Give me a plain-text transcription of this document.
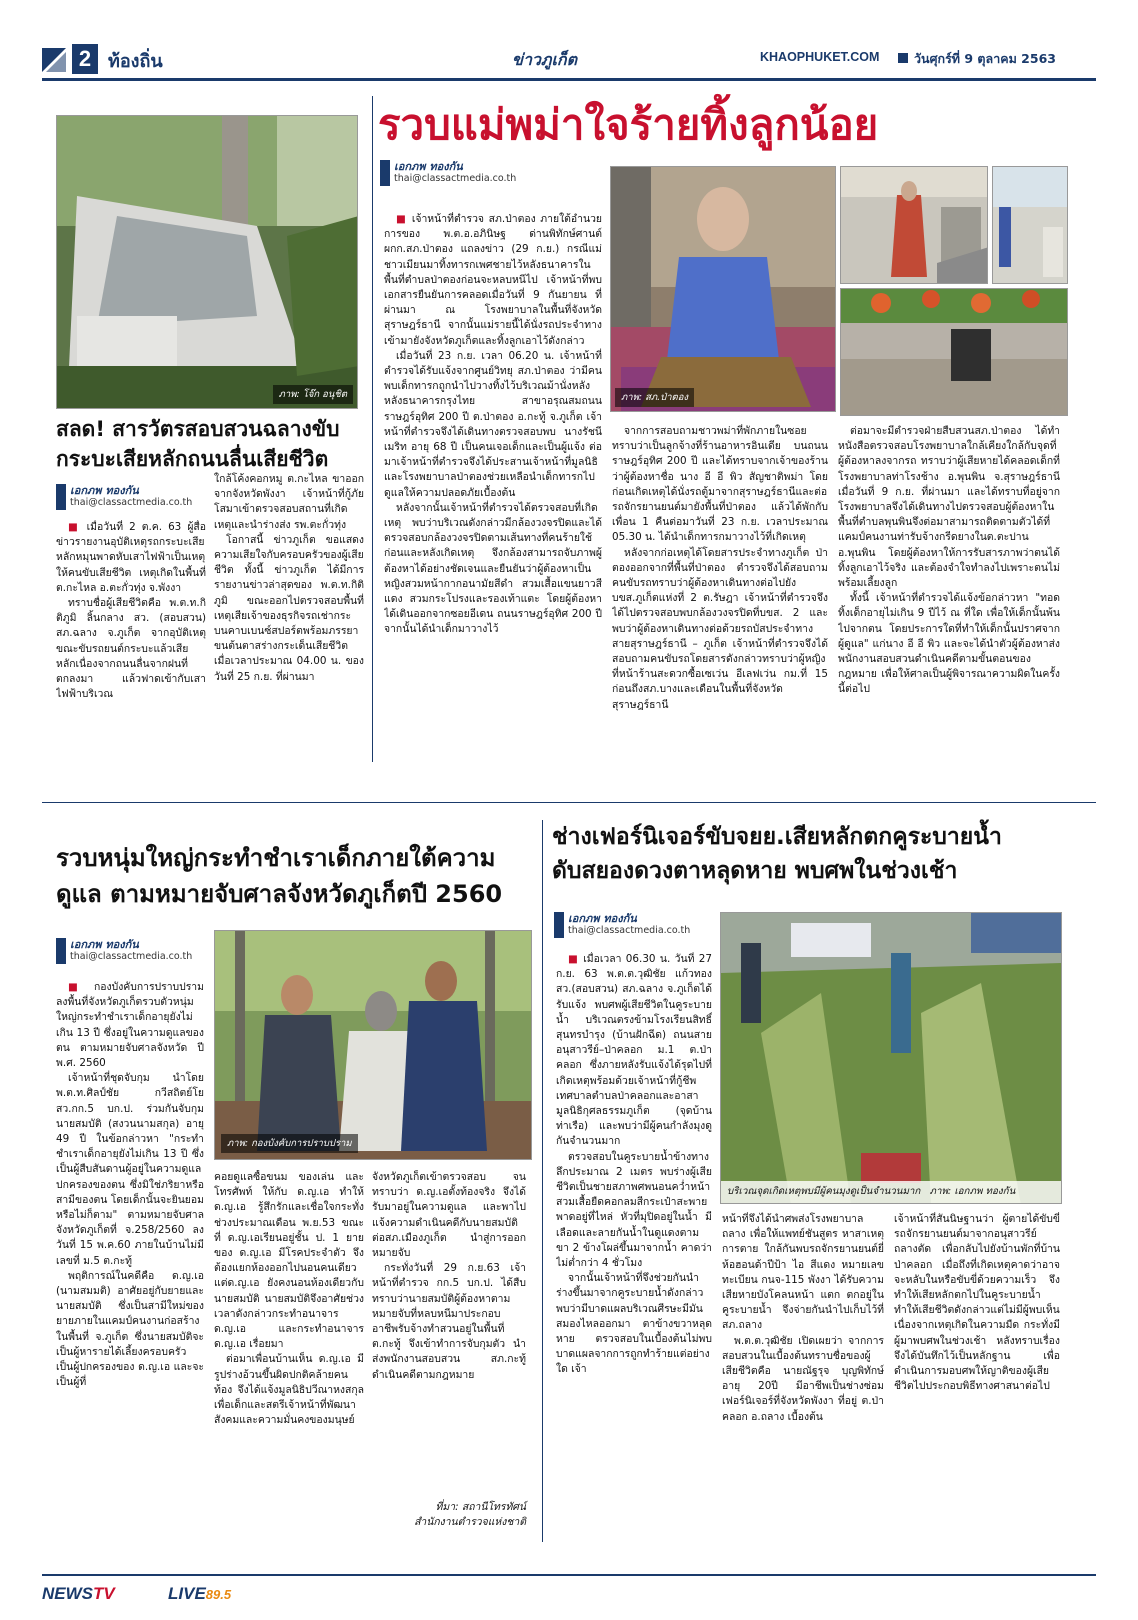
2 ท้องถิ่น	ข่าวภูเก็ต	KHAOPHUKET.COM	วันศุกร์ที่ 9 ตุลาคม 2563
ภาพ: โจ๊ก อนุชิต
สลด! สารวัตรสอบสวนฉลางขับ
กระบะเสียหลักถนนลื่นเสียชีวิต
เอกภพ ทองกัน
thai@classactmedia.co.th

■ เมื่อวันที่ 2 ต.ค. 63 ผู้สื่อข่าวรายงานอุบัติเหตุรถกระบะเสียหลักหมุนพาดหับเสาไฟฟ้าเป็นเหตุให้คนขับเสียชีวิต เหตุเกิดในพื้นที่ ต.กะไหล อ.ตะกั่วทุ่ง จ.พังงา

ทราบชื่อผู้เสียชีวิตคือ พ.ต.ท.กิติภูมิ ลิ้นกลาง สว. (สอบสวน) สภ.ฉลาง จ.ภูเก็ต จากอุบัติเหตุ ขณะขับรถยนต์กระบะแล้วเสียหลักเนื่องจากถนนลื่นจากฝนที่ตกลงมา แล้วฟาดเข้ากับเสาไฟฟ้าบริเวณ

ใกล้โค้งคอกหมู ต.กะไหล ขาออกจากจังหวัดพังงา เจ้าหน้าที่กู้ภัยโสมาเข้าตรวจสอบสถานที่เกิดเหตุและนำร่างส่ง รพ.ตะกั่วทุ่ง

โอกาสนี้ ข่าวภูเก็ต ขอแสดงความเสียใจกับครอบครัวของผู้เสียชีวิต ทั้งนี้ ข่าวภูเก็ต ได้มีการรายงานข่าวล่าสุดของ พ.ต.ท.กิติภูมิ ขณะออกไปตรวจสอบพื้นที่เหตุเสียเจ้าของธุรกิจรถเช่ากระบนคาบเบนซ์สปอร์ตพร้อมภรรยาขนต้นตาสร่างกระเด็นเสียชีวิต เมื่อเวลาประมาณ 04.00 น. ของวันที่ 25 ก.ย. ที่ผ่านมา

รวบแม่พม่าใจร้ายทิ้งลูกน้อย
เอกภพ ทองกัน
thai@classactmedia.co.th

■ เจ้าหน้าที่ตำรวจ สภ.ป่าตอง ภายใต้อำนวยการของ พ.ต.อ.อภินิษฐ ด่านพิทักษ์ศานต์ ผกก.สภ.ป่าตอง แถลงข่าว (29 ก.ย.) กรณีแม่ชาวเมียนมาทิ้งทารกเพศชายไว้หลังธนาคารในพื้นที่ตำบลป่าตองก่อนจะหลบหนีไป เจ้าหน้าที่พบเอกสารยืนยันการคลอดเมื่อวันที่ 9 กันยายน ที่ผ่านมา ณ โรงพยาบาลในพื้นที่จังหวัดสุราษฎร์ธานี จากนั้นแม่รายนี้ได้นั่งรถประจำทางเข้ามายังจังหวัดภูเก็ตและทิ้งลูกเอาไว้ดังกล่าว

เมื่อวันที่ 23 ก.ย. เวลา 06.20 น. เจ้าหน้าที่ตำรวจได้รับแจ้งจากศูนย์วิทยุ สภ.ป่าตอง ว่ามีคนพบเด็กทารกถูกนำไปวางทิ้งไว้บริเวณม้านั่งหลังหลังธนาคารกรุงไทย สาขาอรุณสมถนนราษฎร์อุทิศ 200 ปี ต.ป่าตอง อ.กะทู้ จ.ภูเก็ต เจ้าหน้าที่ตำรวจจึงได้เดินทางตรวจสอบพบ นางรัชนี เมริท อายุ 68 ปี เป็นคนเจอเด็กและเป็นผู้แจ้ง ต่อมาเจ้าหน้าที่ตำรวจจึงได้ประสานเจ้าหน้าที่มูลนิธิและโรงพยาบาลป่าตองช่วยเหลือนำเด็กทารกไปดูแลให้ความปลอดภัยเบื้องต้น

หลังจากนั้นเจ้าหน้าที่ตำรวจได้ตรวจสอบที่เกิดเหตุ พบว่าบริเวณดังกล่าวมีกล้องวงจรปิดและได้ตรวจสอบกล้องวงจรปิดตามเส้นทางที่คนร้ายใช้ก่อนและหลังเกิดเหตุ จึงกล้องสามารถจับภาพผู้ต้องหาได้อย่างชัดเจนและยืนยันว่าผู้ต้องหาเป็นหญิงสวมหน้ากากอนามัยสีดำ สวมเสื้อแขนยาวสีแดง สวมกระโปรงและรองเท้าแตะ โดยผู้ต้องหาได้เดินออกจากซอยอีเดน ถนนราษฎร์อุทิศ 200 ปี จากนั้นได้นำเด็กมาวางไว้

ภาพ: สภ.ป่าตอง

จากการสอบถามชาวพม่าที่พักภายในซอยทราบว่าเป็นลูกจ้างที่ร้านอาหารอินเดีย บนถนนราษฎร์อุทิศ 200 ปี และได้ทราบจากเจ้าของร้านว่าผู้ต้องหาชื่อ นาง อี อี พิว สัญชาติพม่า โดยก่อนเกิดเหตุได้นั่งรถตู้มาจากสุราษฎร์ธานีและต่อรถจักรยานยนต์มายังพื้นที่ป่าตอง แล้วได้พักกับเพื่อน 1 คืนต่อมาวันที่ 23 ก.ย. เวลาประมาณ 05.30 น. ได้นำเด็กทารกมาวางไว้ที่เกิดเหตุ

หลังจากก่อเหตุได้โดยสารประจำทางภูเก็ต ป่าตองออกจากที่พื้นที่ป่าตอง ตำรวจจึงได้สอบถามคนขับรถทราบว่าผู้ต้องหาเดินทางต่อไปยัง บขส.ภูเก็ตแห่งที่ 2 ต.รัษฎา เจ้าหน้าที่ตำรวจจึงได้ไปตรวจสอบพบกล้องวงจรปิดที่บขส. 2 และพบว่าผู้ต้องหาเดินทางต่อด้วยรถบัสประจำทางสายสุราษฎร์ธานี – ภูเก็ต เจ้าหน้าที่ตำรวจจึงได้สอบถามคนขับรถโดยสารดังกล่าวทราบว่าผู้หญิงที่หน้าร้านสะดวกซื้อเซเว่น อีเลฟเว่น กม.ที่ 15 ก่อนถึงสภ.บางและเดือนในพื้นที่จังหวัดสุราษฎร์ธานี

ต่อมาจะมีตำรวจฝ่ายสืบสวนสภ.ป่าตอง ได้ทำหนังสือตรวจสอบโรงพยาบาลใกล้เคียงใกล้กับจุดที่ผู้ต้องหาลงจากรถ ทราบว่าผู้เสียหายได้คลอดเด็กที่โรงพยาบาลท่าโรงช้าง อ.พุนพิน จ.สุราษฎร์ธานี เมื่อวันที่ 9 ก.ย. ที่ผ่านมา และได้ทราบที่อยู่จากโรงพยาบาลจึงได้เดินทางไปตรวจสอบผู้ต้องหาในพื้นที่ตำบลพุนพินจึงต่อมาสามารถติดตามตัวได้ที่แคมป์คนงานท่ารับจ้างกรีดยางในต.ตะปาน อ.พุนพิน โดยผู้ต้องหาให้การรับสารภาพว่าตนได้ทิ้งลูกเอาไว้จริง และต้องจำใจทำลงไปเพราะตนไม่พร้อมเลี้ยงลูก

ทั้งนี้ เจ้าหน้าที่ตำรวจได้แจ้งข้อกล่าวหา "ทอดทิ้งเด็กอายุไม่เกิน 9 ปีไว้ ณ ที่ใด เพื่อให้เด็กนั้นพ้นไปจากตน โดยประการใดที่ทำให้เด็กนั้นปราศจากผู้ดูแล" แก่นาง อี อี พิว และจะได้นำตัวผู้ต้องหาส่งพนักงานสอบสวนดำเนินคดีตามขั้นตอนของกฎหมาย เพื่อให้ศาลเป็นผู้พิจารณาความผิดในครั้งนี้ต่อไป

รวบหนุ่มใหญ่กระทำชำเราเด็กภายใต้ความ
ดูแล ตามหมายจับศาลจังหวัดภูเก็ตปี 2560
เอกภพ ทองกัน
thai@classactmedia.co.th

■ กองบังคับการปราบปรามลงพื้นที่จังหวัดภูเก็ตรวบตัวหนุ่มใหญ่กระทำชำเราเด็กอายุยังไม่เกิน 13 ปี ซึ่งอยู่ในความดูแลของตน ตามหมายจับศาลจังหวัด ปี พ.ศ. 2560

เจ้าหน้าที่ชุดจับกุม นำโดย พ.ต.ท.ศิลป์ชัย กวีสถิตย์โย สว.กก.5 บก.ป. ร่วมกันจับกุม นายสมบัติ (สงวนนามสกุล) อายุ 49 ปี ในข้อกล่าวหา "กระทำชำเราเด็กอายุยังไม่เกิน 13 ปี ซึ่งเป็นผู้สืบสันดานผู้อยู่ในความดูแลปกครองของตน ซึ่งมิใช่ภริยาหรือสามีของตน โดยเด็กนั้นจะยินยอมหรือไม่ก็ตาม" ตามหมายจับศาลจังหวัดภูเก็ตที่ จ.258/2560 ลงวันที่ 15 พ.ค.60 ภายในบ้านไม่มีเลขที่ ม.5 ต.กะทู้

พฤติการณ์ในคดีคือ ด.ญ.เอ (นามสมมติ) อาศัยอยู่กับยายและนายสมบัติ ซึ่งเป็นสามีใหม่ของยายภายในแคมป์คนงานก่อสร้างในพื้นที่ จ.ภูเก็ต ซึ่งนายสมบัติจะเป็นผู้หารายได้เลี้ยงครอบครัว เป็นผู้ปกครองของ ด.ญ.เอ และจะเป็นผู้ที่

ภาพ: กองบังคับการปราบปราม

คอยดูแลซื้อขนม ของเล่น และโทรศัพท์ ให้กับ ด.ญ.เอ ทำให้ ด.ญ.เอ รู้สึกรักและเชื่อใจกระทั่งช่วงประมาณเดือน พ.ย.53 ขณะที่ ด.ญ.เอเรียนอยู่ชั้น ป. 1 ยายของ ด.ญ.เอ มีโรคประจำตัว จึงต้องแยกห้องออกไปนอนคนเดียว แต่ด.ญ.เอ ยังคงนอนห้องเดียวกับนายสมบัติ นายสมบัติจึงอาศัยช่วงเวลาดังกล่าวกระทำอนาจาร ด.ญ.เอ และกระทำอนาจาร ด.ญ.เอ เรื่อยมา

ต่อมาเพื่อนบ้านเห็น ด.ญ.เอ มีรูปร่างอ้วนขึ้นผิดปกติคล้ายคนท้อง จึงได้แจ้งมูลนิธิปวีณาหงสกุลเพื่อเด็กและสตรีเจ้าหน้าที่พัฒนาสังคมและความมั่นคงของมนุษย์

จังหวัดภูเก็ตเข้าตรวจสอบ จนทราบว่า ด.ญ.เอตั้งท้องจริง จึงได้รับมาอยู่ในความดูแล และพาไปแจ้งความดำเนินคดีกับนายสมบัติต่อสภ.เมืองภูเก็ต นำสู่การออกหมายจับ

กระทั่งวันที่ 29 ก.ย.63 เจ้าหน้าที่ตำรวจ กก.5 บก.ป. ได้สืบทราบว่านายสมบัติผู้ต้องหาตามหมายจับที่หลบหนีมาประกอบอาชีพรับจ้างทำสวนอยู่ในพื้นที่ ต.กะทู้ จึงเข้าทำการจับกุมตัว นำส่งพนักงานสอบสวน สภ.กะทู้ ดำเนินคดีตามกฎหมาย

ที่มา: สถานีโทรทัศน์
สำนักงานตำรวจแห่งชาติ
ช่างเฟอร์นิเจอร์ขับจยย.เสียหลักตกคูระบายน้ำ
ดับสยองดวงตาหลุดหาย พบศพในช่วงเช้า
เอกภพ ทองกัน
thai@classactmedia.co.th

■ เมื่อเวลา 06.30 น. วันที่ 27 ก.ย. 63 พ.ต.ต.วุฒิชัย แก้วทอง สว.(สอบสวน) สภ.ฉลาง จ.ภูเก็ตได้รับแจ้ง พบศพผู้เสียชีวิตในคูระบายน้ำ บริเวณตรงข้ามโรงเรียนสิทธิ์สุนทรบำรุง (บ้านฝักฉีด) ถนนสายอนุสาวรีย์–ป่าคลอก ม.1 ต.ป่าคลอก ซึ่งภายหลังรับแจ้งได้รุดไปที่เกิดเหตุพร้อมด้วยเจ้าหน้าที่กู้ชีพเทศบาลตำบลป่าคลอกและอาสามูลนิธิกุศลธรรมภูเก็ต (จุดบ้านท่าเรือ) และพบว่ามีผู้คนกำลังมุงดูกันจำนวนมาก

ตรวจสอบในคูระบายน้ำข้างทางลึกประมาณ 2 เมตร พบร่างผู้เสียชีวิตเป็นชายสภาพศพนอนคว่ำหน้าสวมเสื้อยืดคอกลมสีกระเป๋าสะพายพาดอยู่ที่ไหล่ หัวที่มุปิดอยู่ในน้ำ มีเลือดและลายกันน้ำในดูแดงตาม ขา 2 ข้างโผล่ขึ้นมาจากน้ำ คาดว่าไม่ต่ำกว่า 4 ชั่วโมง

จากนั้นเจ้าหน้าที่จึงช่วยกันนำร่างขึ้นมาจากคูระบายน้ำดังกล่าว พบว่ามีบาดแผลบริเวณศีรษะมีมันสมองไหลออกมา ตาข้างขวาหลุดหาย ตรวจสอบในเบื้องต้นไม่พบบาดแผลจากการถูกทำร้ายแต่อย่างใด เจ้า

บริเวณจุดเกิดเหตุพบมีผู้คนมุงดูเป็นจำนวนมาก ภาพ: เอกภพ ทองกัน

หน้าที่จึงได้นำศพส่งโรงพยาบาลถลาง เพื่อให้แพทย์ชันสูตร หาสาเหตุการตาย ใกล้กันพบรถจักรยานยนต์ยี่ห้อฮอนด้าปีป้า ไอ สีแดง หมายเลขทะเบียน กนจ-115 พังงา ได้รับความเสียหายบังโคลนหน้า แตก ตกอยู่ในคูระบายน้ำ จึงจ่ายกันนำไปเก็บไว้ที่สภ.ถลาง

พ.ต.ต.วุฒิชัย เปิดเผยว่า จากการสอบสวนในเบื้องต้นทราบชื่อของผู้เสียชีวิตคือ นายณัฐรุจ บุญพิทักษ์ อายุ 20ปี มีอาชีพเป็นช่างซ่อมเฟอร์นิเจอร์ที่จังหวัดพังงา ที่อยู่ ต.ป่าคลอก อ.ถลาง เบื้องต้น

เจ้าหน้าที่สันนิษฐานว่า ผู้ตายได้ขับขี่รถจักรยานยนต์มาจากอนุสาวรีย์ถลางตัด เพื่อกลับไปยังบ้านพักที่บ้านป่าคลอก เมื่อถึงที่เกิดเหตุคาดว่าอาจจะหลับในหรือขับขี่ด้วยความเร็ว จึงทำให้เสียหลักตกไปในคูระบายน้ำทำให้เสียชีวิตดังกล่าวแต่ไม่มีผู้พบเห็น เนื่องจากเหตุเกิดในความมืด กระทั่งมีผู้มาพบศพในช่วงเช้า หลังทราบเรื่องจึงได้บันทึกไว้เป็นหลักฐาน เพื่อดำเนินการมอบศพให้ญาติของผู้เสียชีวิตไปประกอบพิธีทางศาสนาต่อไป

NEWSTV	LIVE89.5
